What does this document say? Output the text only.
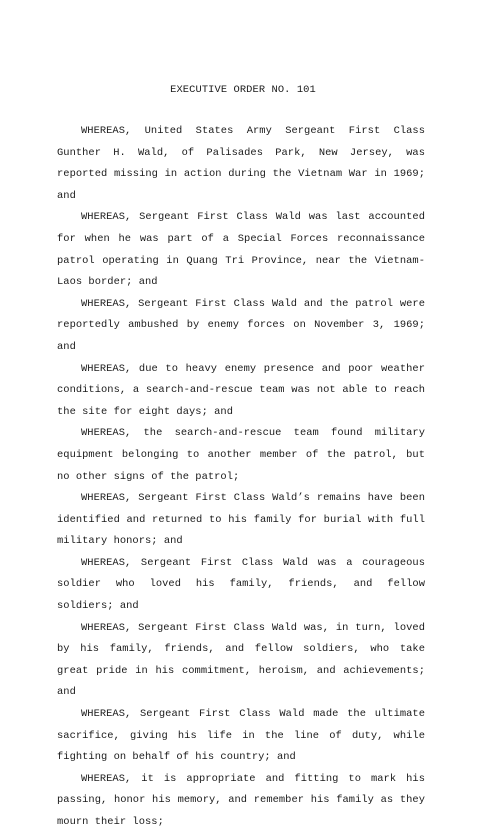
EXECUTIVE ORDER NO. 101

WHEREAS, United States Army Sergeant First Class Gunther H. Wald, of Palisades Park, New Jersey, was reported missing in action during the Vietnam War in 1969; and

WHEREAS, Sergeant First Class Wald was last accounted for when he was part of a Special Forces reconnaissance patrol operating in Quang Tri Province, near the Vietnam-Laos border; and

WHEREAS, Sergeant First Class Wald and the patrol were reportedly ambushed by enemy forces on November 3, 1969; and

WHEREAS, due to heavy enemy presence and poor weather conditions, a search-and-rescue team was not able to reach the site for eight days; and

WHEREAS, the search-and-rescue team found military equipment belonging to another member of the patrol, but no other signs of the patrol;

WHEREAS, Sergeant First Class Wald’s remains have been identified and returned to his family for burial with full military honors; and

WHEREAS, Sergeant First Class Wald was a courageous soldier who loved his family, friends, and fellow soldiers; and

WHEREAS, Sergeant First Class Wald was, in turn, loved by his family, friends, and fellow soldiers, who take great pride in his commitment, heroism, and achievements; and

WHEREAS, Sergeant First Class Wald made the ultimate sacrifice, giving his life in the line of duty, while fighting on behalf of his country; and

WHEREAS, it is appropriate and fitting to mark his passing, honor his memory, and remember his family as they mourn their loss;
